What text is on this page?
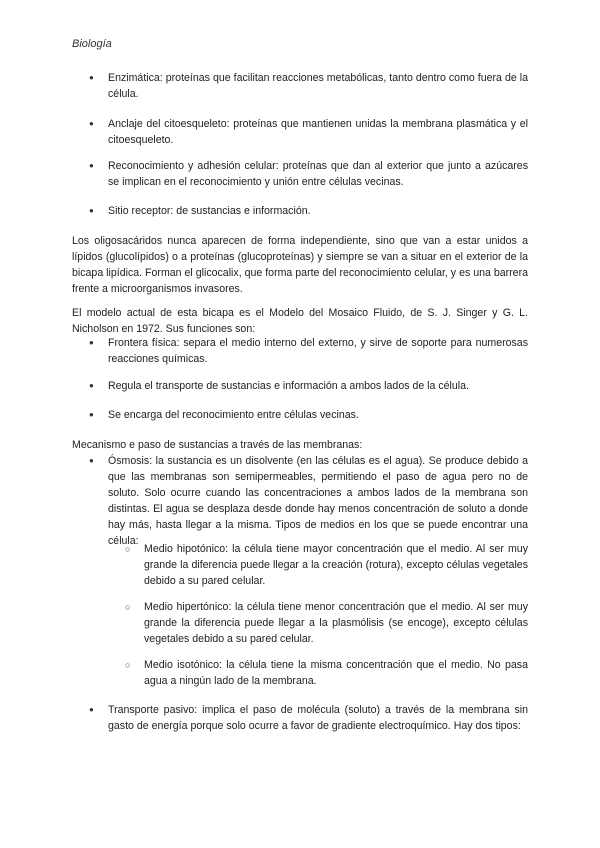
Biología
● Enzimática: proteínas que facilitan reacciones metabólicas, tanto dentro como fuera de la célula.
● Anclaje del citoesqueleto: proteínas que mantienen unidas la membrana plasmática y el citoesqueleto.
● Reconocimiento y adhesión celular: proteínas que dan al exterior que junto a azúcares se implican en el reconocimiento y unión entre células vecinas.
● Sitio receptor: de sustancias e información.
Los oligosacáridos nunca aparecen de forma independiente, sino que van a estar unidos a lípidos (glucolípidos) o a proteínas (glucoproteínas) y siempre se van a situar en el exterior de la bicapa lipídica. Forman el glicocalix, que forma parte del reconocimiento celular, y es una barrera frente a microorganismos invasores.
El modelo actual de esta bicapa es el Modelo del Mosaico Fluido, de S. J. Singer y G. L. Nicholson en 1972. Sus funciones son:
● Frontera física: separa el medio interno del externo, y sirve de soporte para numerosas reacciones químicas.
● Regula el transporte de sustancias e información a ambos lados de la célula.
● Se encarga del reconocimiento entre células vecinas.
Mecanismo e paso de sustancias a través de las membranas:
● Ósmosis: la sustancia es un disolvente (en las células es el agua). Se produce debido a que las membranas son semipermeables, permitiendo el paso de agua pero no de soluto. Solo ocurre cuando las concentraciones a ambos lados de la membrana son distintas. El agua se desplaza desde donde hay menos concentración de soluto a donde hay más, hasta llegar a la misma. Tipos de medios en los que se puede encontrar una célula:
○ Medio hipotónico: la célula tiene mayor concentración que el medio. Al ser muy grande la diferencia puede llegar a la creación (rotura), excepto células vegetales debido a su pared celular.
○ Medio hipertónico: la célula tiene menor concentración que el medio. Al ser muy grande la diferencia puede llegar a la plasmólisis (se encoge), excepto células vegetales debido a su pared celular.
○ Medio isotónico: la célula tiene la misma concentración que el medio. No pasa agua a ningún lado de la membrana.
● Transporte pasivo: implica el paso de molécula (soluto) a través de la membrana sin gasto de energía porque solo ocurre a favor de gradiente electroquímico. Hay dos tipos:
